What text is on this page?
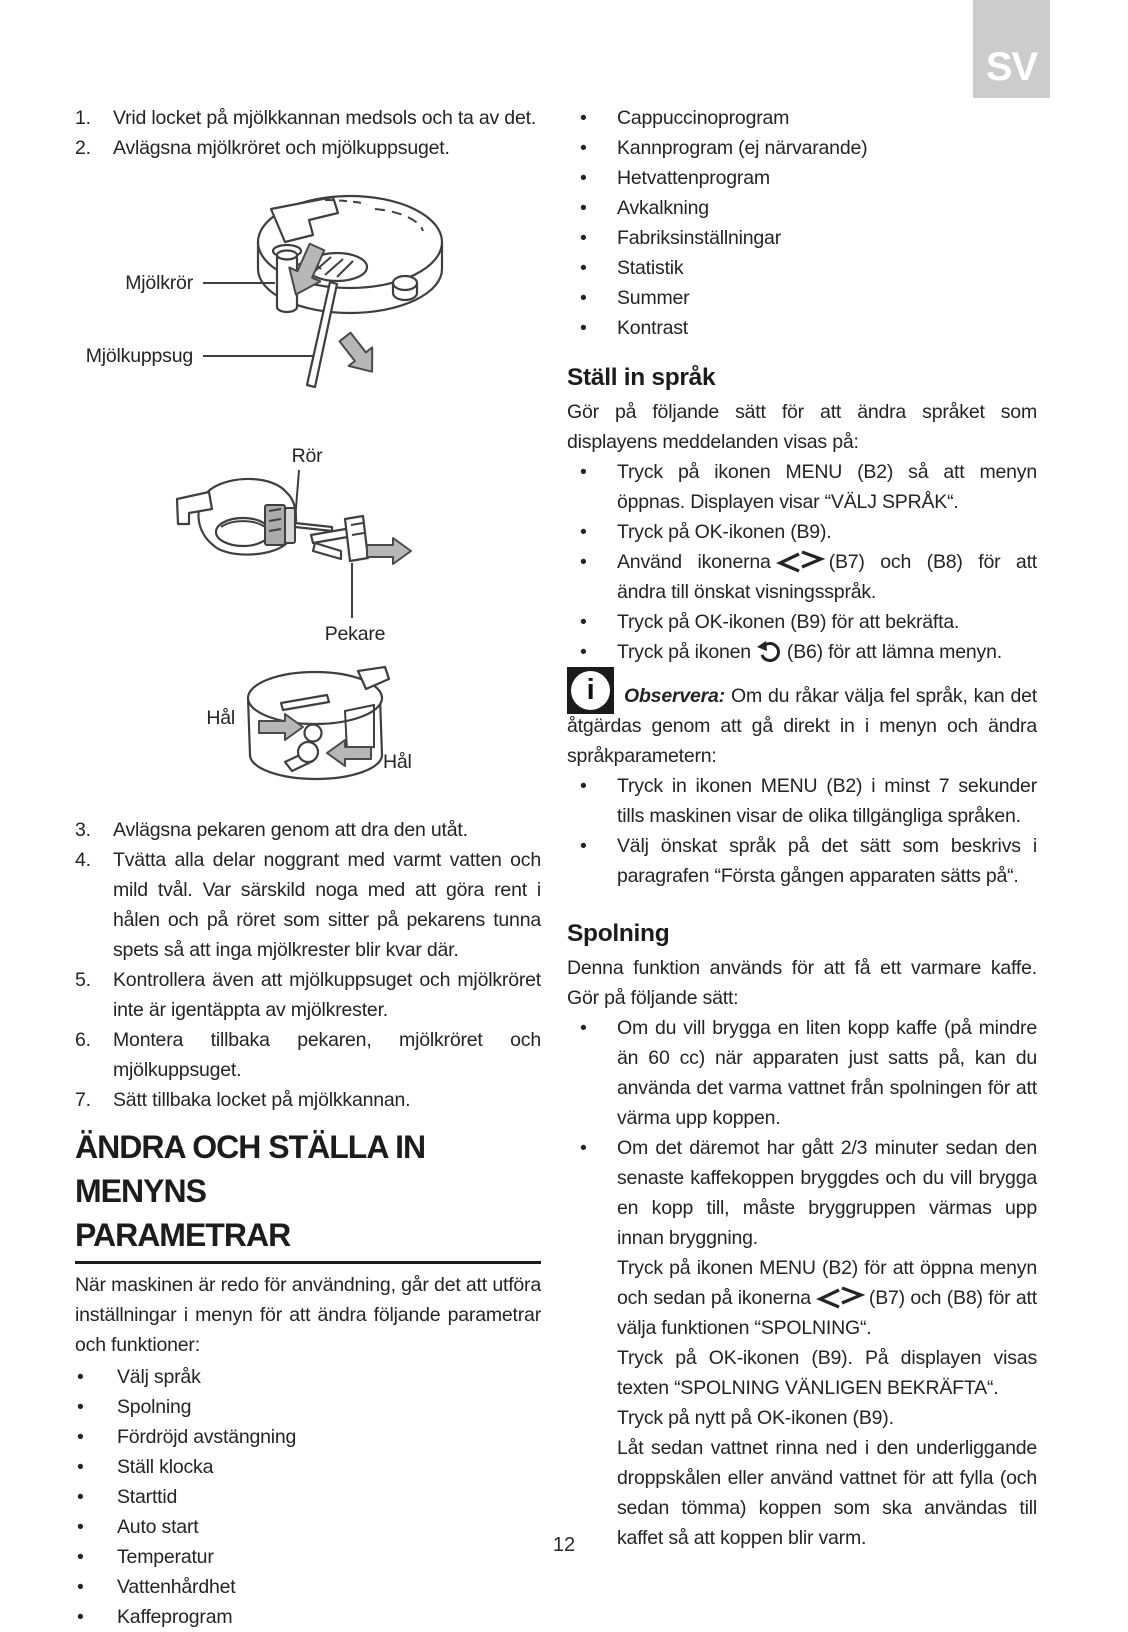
SV
1.	Vrid locket på mjölkkannan medsols och ta av det.
2.	Avlägsna mjölkröret och mjölkuppsuget.
Mjölkrör
Mjölkuppsug
Rör
Pekare
Hål
Hål
3.	Avlägsna pekaren genom att dra den utåt.
4.	Tvätta alla delar noggrant med varmt vatten och mild tvål. Var särskild noga med att göra rent i hålen och på röret som sitter på pekarens tunna spets så att inga mjölkrester blir kvar där.
5.	Kontrollera även att mjölkuppsuget och mjölkröret inte är igentäppta av mjölkrester.
6.	Montera tillbaka pekaren, mjölkröret och mjölkuppsuget.
7.	Sätt tillbaka locket på mjölkkannan.
ÄNDRA OCH STÄLLA IN MENYNS
PARAMETRAR

När maskinen är redo för användning, går det att utföra inställningar i menyn för att ändra följande parametrar och funktioner:

•
Välj språk
•
Spolning
•
Fördröjd avstängning
•
Ställ klocka
•
Starttid
•
Auto start
•
Temperatur
•
Vattenhårdhet
•
Kaffeprogram
•
Cappuccinoprogram
•
Kannprogram (ej närvarande)
•
Hetvattenprogram
•
Avkalkning
•
Fabriksinställningar
•
Statistik
•
Summer
•
Kontrast
Ställ in språk

Gör på följande sätt för att ändra språket som displayens meddelanden visas på:

•
Tryck på ikonen MENU (B2) så att menyn öppnas. Displayen visar “VÄLJ SPRÅK“.
•
Tryck på OK-ikonen (B9).
•
Använd ikonerna	(B7) och (B8) för att ändra till önskat visningsspråk.
•
Tryck på OK-ikonen (B9) för att bekräfta.
•
Tryck på ikonen (B6) för att lämna menyn.
i	Observera: Om du råkar välja fel språk, kan det åtgärdas genom att gå direkt in i menyn och ändra språkparametern:

•
Tryck in ikonen MENU (B2) i minst 7 sekunder tills maskinen visar de olika tillgängliga språken.
•
Välj önskat språk på det sätt som beskrivs i paragrafen “Första gången apparaten sätts på“.
Spolning

Denna funktion används för att få ett varmare kaffe. Gör på följande sätt:

•
Om du vill brygga en liten kopp kaffe (på mindre än 60 cc) när apparaten just satts på, kan du använda det varma vattnet från spolningen för att värma upp koppen.
•
Om det däremot har gått 2/3 minuter sedan den senaste kaffekoppen bryggdes och du vill brygga en kopp till, måste bryggruppen värmas upp innan bryggning.
Tryck på ikonen MENU (B2) för att öppna menyn och sedan på ikonerna	(B7) och (B8) för att välja funktionen “SPOLNING“.
Tryck på OK-ikonen (B9). På displayen visas texten “SPOLNING VÄNLIGEN BEKRÄFTA“.
Tryck på nytt på OK-ikonen (B9).
Låt sedan vattnet rinna ned i den underliggande droppskålen eller använd vattnet för att fylla (och sedan tömma) koppen som ska användas till kaffet så att koppen blir varm.
12
